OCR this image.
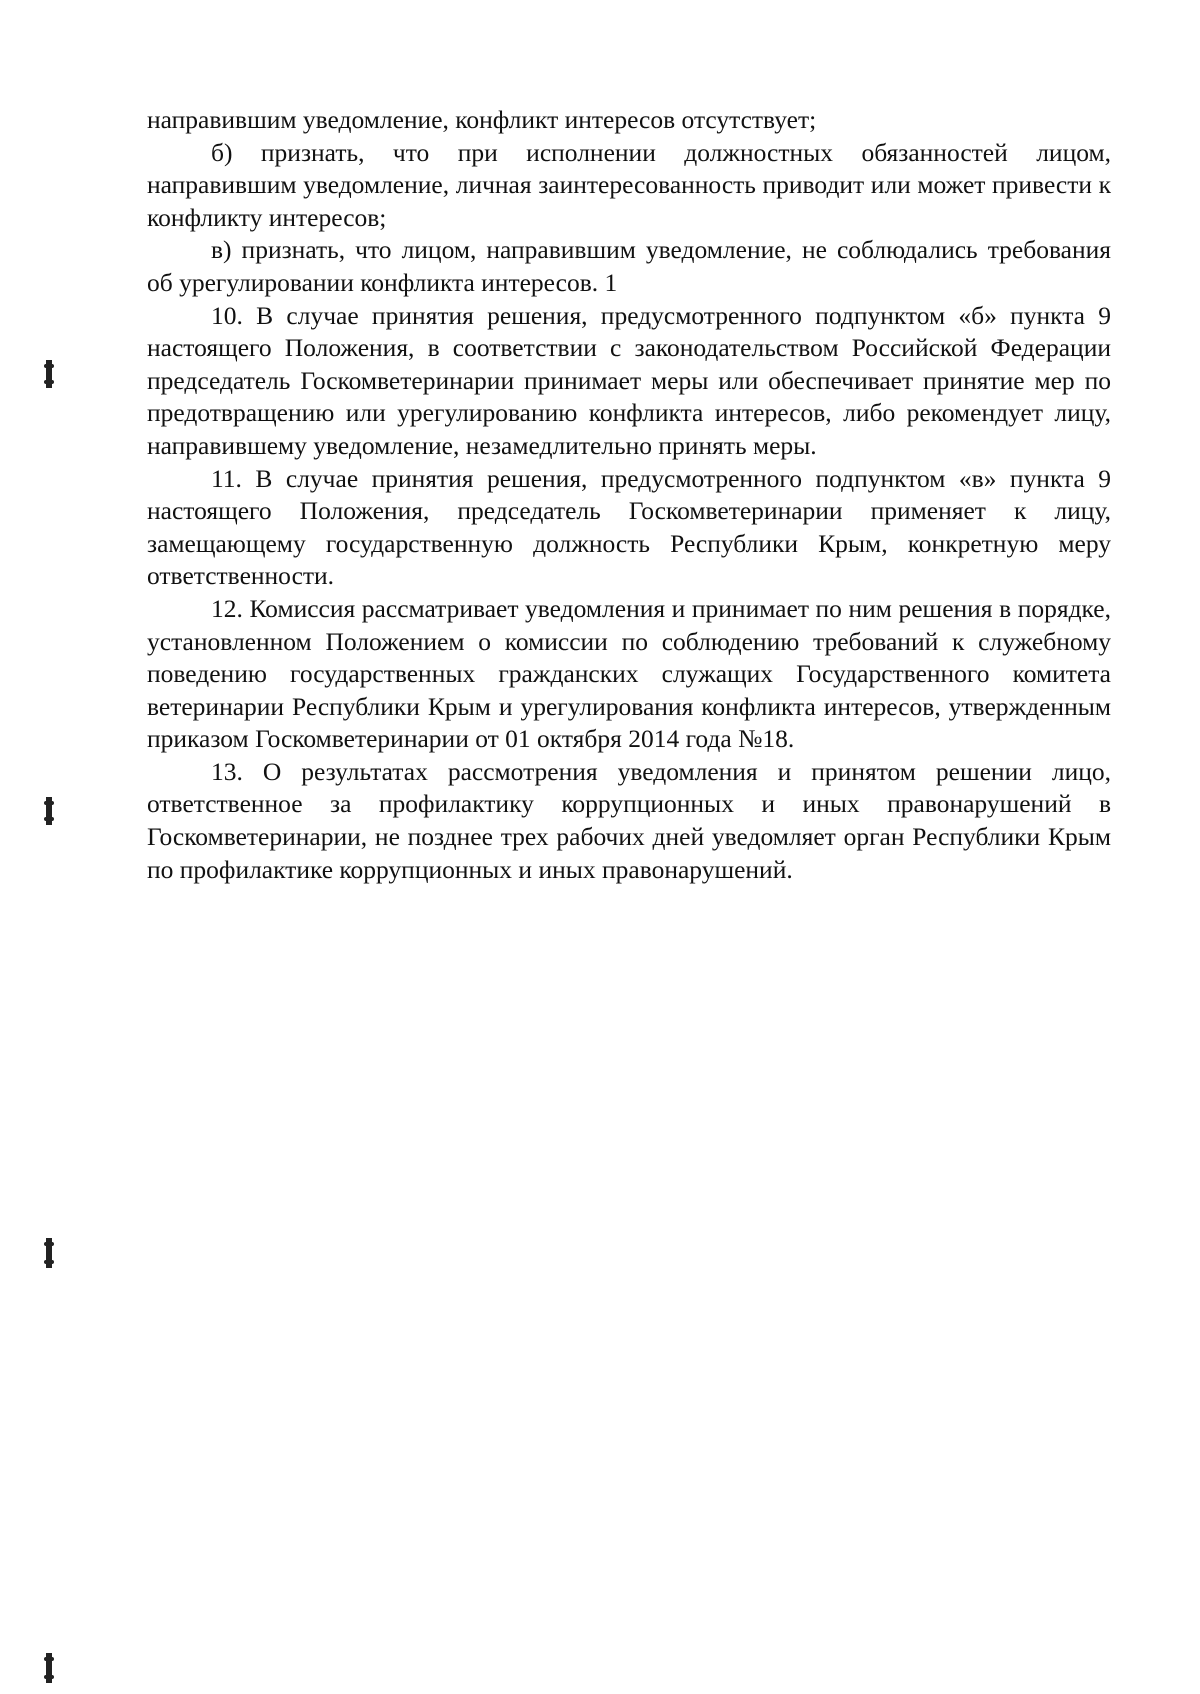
направившим уведомление, конфликт интересов отсутствует;

б) признать, что при исполнении должностных обязанностей лицом, направившим уведомление, личная заинтересованность приводит или может привести к конфликту интересов;

в) признать, что лицом, направившим уведомление, не соблюдались требования об урегулировании конфликта интересов. 1

10. В случае принятия решения, предусмотренного подпунктом «б» пункта 9 настоящего Положения, в соответствии с законодательством Российской Федерации председатель Госкомветеринарии принимает меры или обеспечивает принятие мер по предотвращению или урегулированию конфликта интересов, либо рекомендует лицу, направившему уведомление, незамедлительно принять меры.

11. В случае принятия решения, предусмотренного подпунктом «в» пункта 9 настоящего Положения, председатель Госкомветеринарии применяет к лицу, замещающему государственную должность Республики Крым, конкретную меру ответственности.

12. Комиссия рассматривает уведомления и принимает по ним решения в порядке, установленном Положением о комиссии по соблюдению требований к служебному поведению государственных гражданских служащих Государственного комитета ветеринарии Республики Крым и урегулирования конфликта интересов, утвержденным приказом Госкомветеринарии от 01 октября 2014 года №18.

13. О результатах рассмотрения уведомления и принятом решении лицо, ответственное за профилактику коррупционных и иных правонарушений в Госкомветеринарии, не позднее трех рабочих дней уведомляет орган Республики Крым по профилактике коррупционных и иных правонарушений.
